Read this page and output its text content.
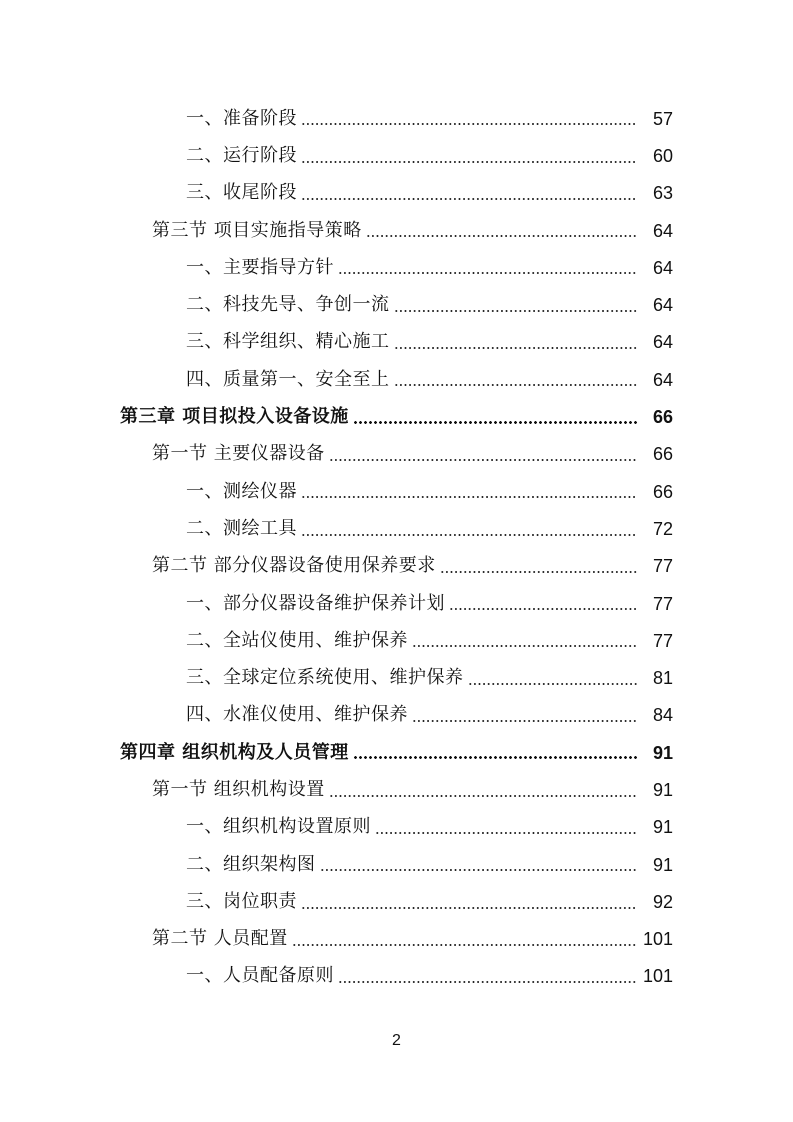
一、准备阶段	57
二、运行阶段	60
三、收尾阶段	63
第三节 项目实施指导策略	64
一、主要指导方针	64
二、科技先导、争创一流	64
三、科学组织、精心施工	64
四、质量第一、安全至上	64
第三章 项目拟投入设备设施	66
第一节 主要仪器设备	66
一、测绘仪器	66
二、测绘工具	72
第二节 部分仪器设备使用保养要求	77
一、部分仪器设备维护保养计划	77
二、全站仪使用、维护保养	77
三、全球定位系统使用、维护保养	81
四、水准仪使用、维护保养	84
第四章 组织机构及人员管理	91
第一节 组织机构设置	91
一、组织机构设置原则	91
二、组织架构图	91
三、岗位职责	92
第二节 人员配置	101
一、人员配备原则	101
2
